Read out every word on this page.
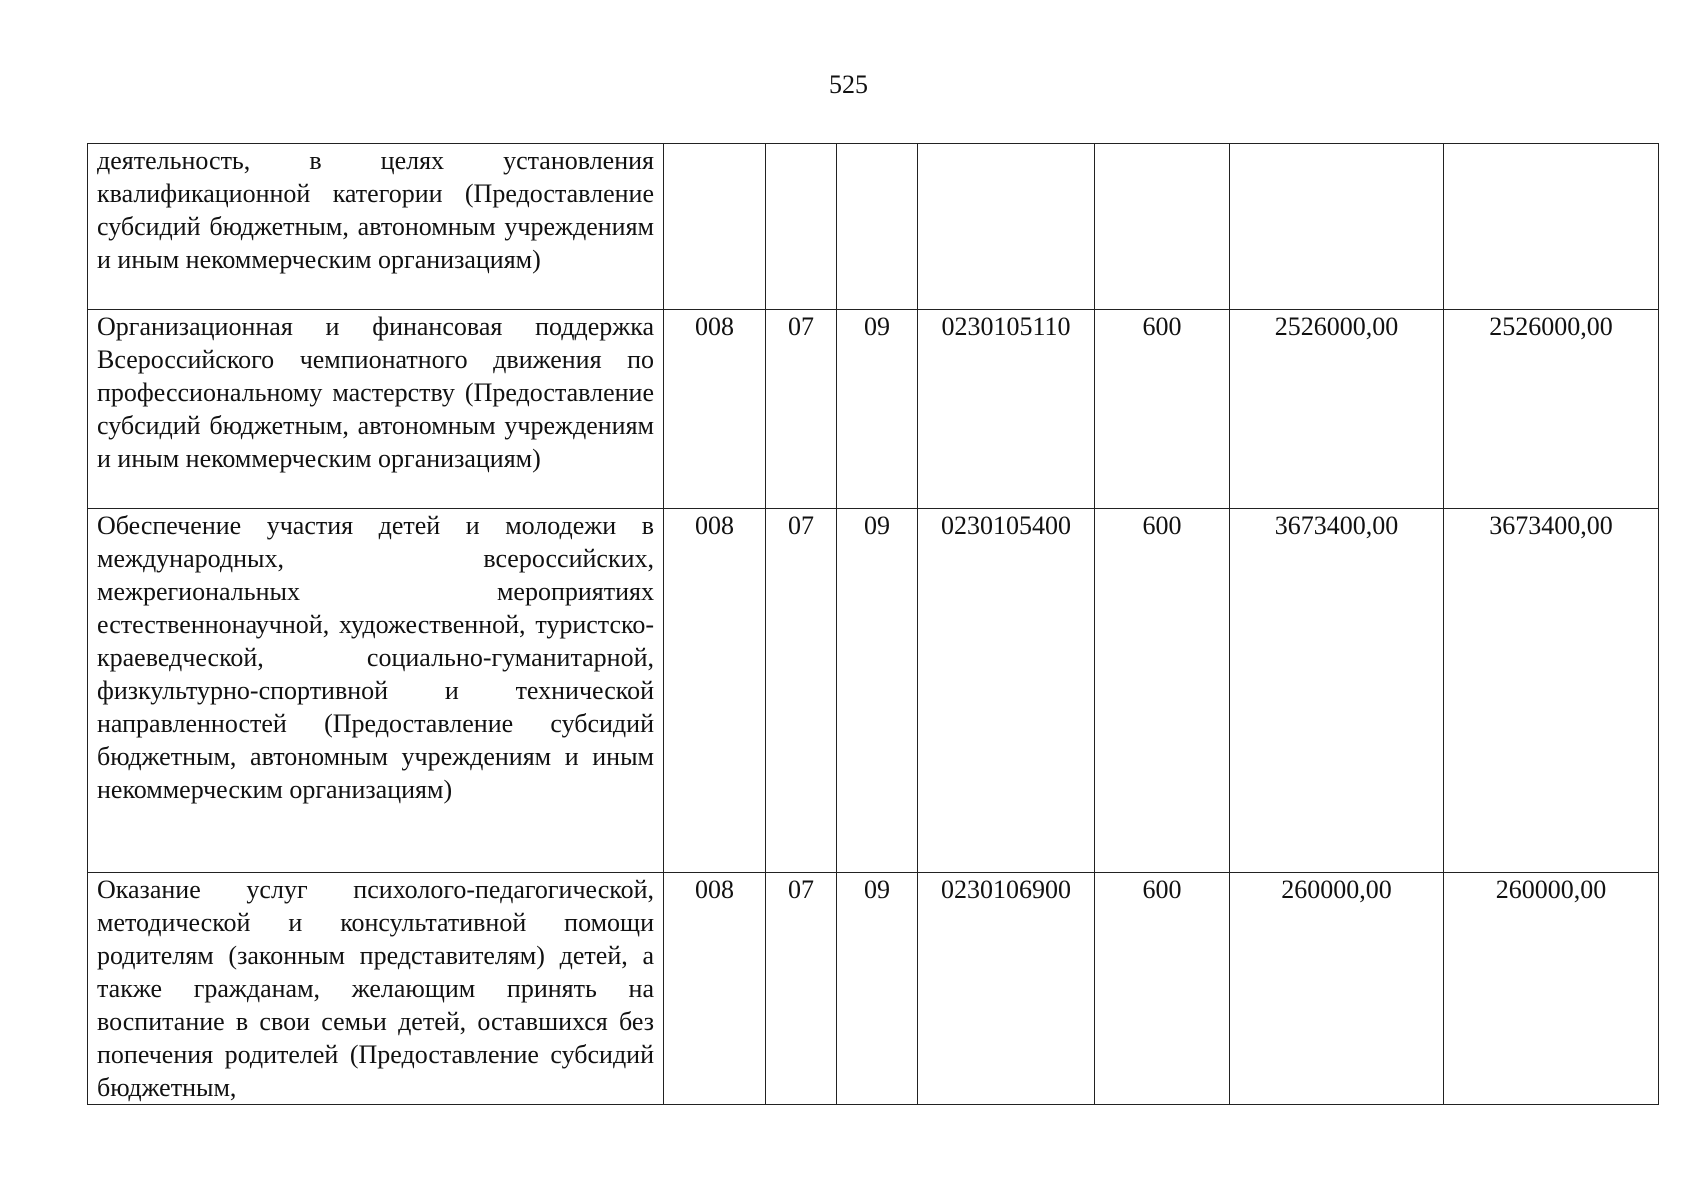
525
деятельность, в целях установления квалификационной категории (Предоставление субсидий бюджетным, автономным учреждениям и иным некоммерческим организациям)							
Организационная и финансовая поддержка Всероссийского чемпионатного движения по профессиональному мастерству (Предоставление субсидий бюджетным, автономным учреждениям и иным некоммерческим организациям)	008	07	09	0230105110	600	2526000,00	2526000,00
Обеспечение участия детей и молодежи в международных, всероссийских, межрегиональных мероприятиях естественнонаучной, художественной, туристско-краеведческой, социально-гуманитарной, физкультурно-спортивной и технической направленностей (Предоставление субсидий бюджетным, автономным учреждениям и иным некоммерческим организациям)	008	07	09	0230105400	600	3673400,00	3673400,00
Оказание услуг психолого-педагогической, методической и консультативной помощи родителям (законным представителям) детей, а также гражданам, желающим принять на воспитание в свои семьи детей, оставшихся без попечения родителей (Предоставление субсидий бюджетным,	008	07	09	0230106900	600	260000,00	260000,00
